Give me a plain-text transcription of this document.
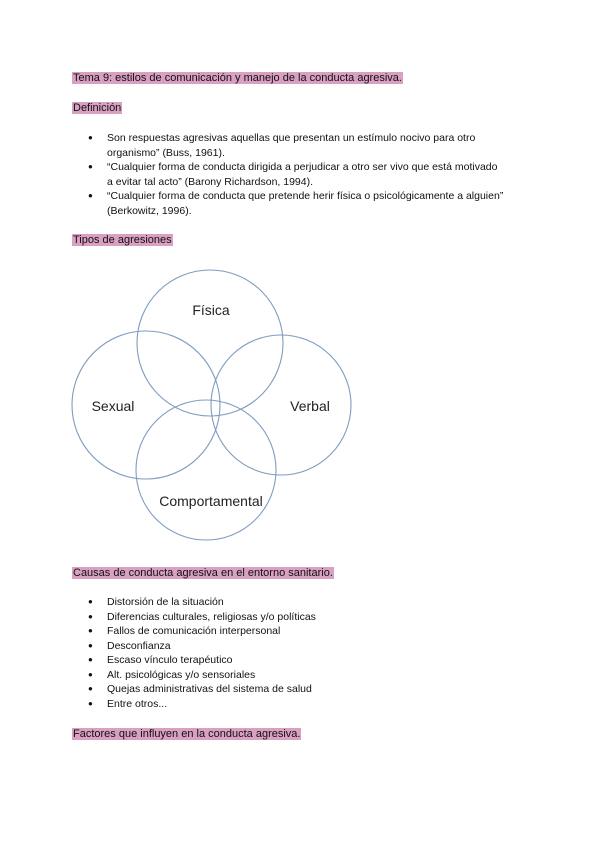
Tema 9: estilos de comunicación y manejo de la conducta agresiva.
Definición
● Son respuestas agresivas aquellas que presentan un estímulo nocivo para otro
organismo” (Buss, 1961).
● “Cualquier forma de conducta dirigida a perjudicar a otro ser vivo que está motivado
a evitar tal acto” (Barony Richardson, 1994).
● “Cualquier forma de conducta que pretende herir física o psicológicamente a alguien”
(Berkowitz, 1996).
Tipos de agresiones
Física
Verbal
Comportamental
Sexual
Causas de conducta agresiva en el entorno sanitario.
● Distorsión de la situación
● Diferencias culturales, religiosas y/o políticas
● Fallos de comunicación interpersonal
● Desconfianza
● Escaso vínculo terapéutico
● Alt. psicológicas y/o sensoriales
● Quejas administrativas del sistema de salud
● Entre otros...
Factores que influyen en la conducta agresiva.
